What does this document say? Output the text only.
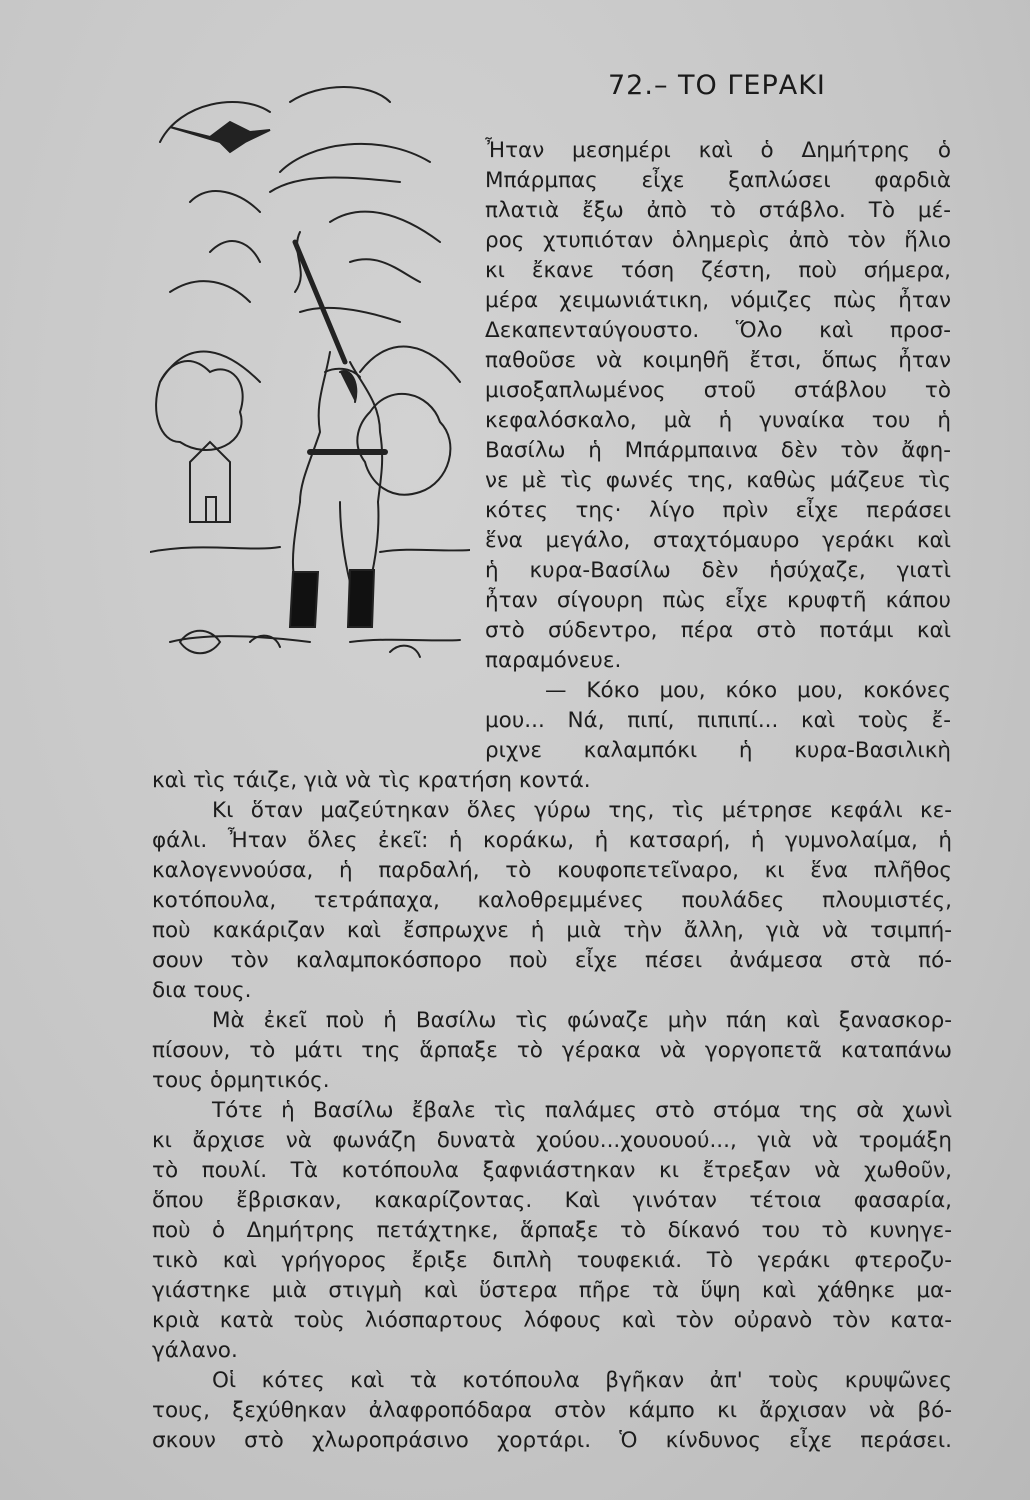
72.– ΤΟ ΓΕΡΑΚΙ
Ἦταν μεσημέρι καὶ ὁ Δημήτρης ὁ
Μπάρμπας εἶχε ξαπλώσει φαρδιὰ
πλατιὰ ἔξω ἀπὸ τὸ στάβλο. Τὸ μέ-
ρος χτυπιόταν ὁλημερὶς ἀπὸ τὸν ἥλιο
κι ἔκανε τόση ζέστη, ποὺ σήμερα,
μέρα χειμωνιάτικη, νόμιζες πὼς ἦταν
Δεκαπενταύγουστο. Ὅλο καὶ προσ-
παθοῦσε νὰ κοιμηθῆ ἔτσι, ὅπως ἦταν
μισοξαπλωμένος στοῦ στάβλου τὸ
κεφαλόσκαλο, μὰ ἡ γυναίκα του ἡ
Βασίλω ἡ Μπάρμπαινα δὲν τὸν ἄφη-
νε μὲ τὶς φωνές της, καθὼς μάζευε τὶς
κότες της· λίγο πρὶν εἶχε περάσει
ἕνα μεγάλο, σταχτόμαυρο γεράκι καὶ
ἡ κυρα-Βασίλω δὲν ἡσύχαζε, γιατὶ
ἦταν σίγουρη πὼς εἶχε κρυφτῆ κάπου
στὸ σύδεντρο, πέρα στὸ ποτάμι καὶ
παραμόνευε.
— Κόκο μου, κόκο μου, κοκόνες
μου... Νά, πιπί, πιπιπί... καὶ τοὺς ἔ-
ριχνε καλαμπόκι ἡ κυρα-Βασιλικὴ
καὶ τὶς τάιζε, γιὰ νὰ τὶς κρατήση κοντά.
Κι ὅταν μαζεύτηκαν ὅλες γύρω της, τὶς μέτρησε κεφάλι κε-
φάλι. Ἦταν ὅλες ἐκεῖ: ἡ κοράκω, ἡ κατσαρή, ἡ γυμνολαίμα, ἡ
καλογεννούσα, ἡ παρδαλή, τὸ κουφοπετεῖναρο, κι ἕνα πλῆθος
κοτόπουλα, τετράπαχα, καλοθρεμμένες πουλάδες πλουμιστές,
ποὺ κακάριζαν καὶ ἔσπρωχνε ἡ μιὰ τὴν ἄλλη, γιὰ νὰ τσιμπή-
σουν τὸν καλαμποκόσπορο ποὺ εἶχε πέσει ἀνάμεσα στὰ πό-
δια τους.
Μὰ ἐκεῖ ποὺ ἡ Βασίλω τὶς φώναζε μὴν πάη καὶ ξανασκορ-
πίσουν, τὸ μάτι της ἅρπαξε τὸ γέρακα νὰ γοργοπετᾶ καταπάνω
τους ὁρμητικός.
Τότε ἡ Βασίλω ἔβαλε τὶς παλάμες στὸ στόμα της σὰ χωνὶ
κι ἄρχισε νὰ φωνάζη δυνατὰ χούου...χουουού..., γιὰ νὰ τρομάξη
τὸ πουλί. Τὰ κοτόπουλα ξαφνιάστηκαν κι ἔτρεξαν νὰ χωθοῦν,
ὅπου ἔβρισκαν, κακαρίζοντας. Καὶ γινόταν τέτοια φασαρία,
ποὺ ὁ Δημήτρης πετάχτηκε, ἅρπαξε τὸ δίκανό του τὸ κυνηγε-
τικὸ καὶ γρήγορος ἔριξε διπλὴ τουφεκιά. Τὸ γεράκι φτεροζυ-
γιάστηκε μιὰ στιγμὴ καὶ ὕστερα πῆρε τὰ ὕψη καὶ χάθηκε μα-
κριὰ κατὰ τοὺς λιόσπαρτους λόφους καὶ τὸν οὐρανὸ τὸν κατα-
γάλανο.
Οἱ κότες καὶ τὰ κοτόπουλα βγῆκαν ἀπ' τοὺς κρυψῶνες
τους, ξεχύθηκαν ἀλαφροπόδαρα στὸν κάμπο κι ἄρχισαν νὰ βό-
σκουν στὸ χλωροπράσινο χορτάρι. Ὁ κίνδυνος εἶχε περάσει.
